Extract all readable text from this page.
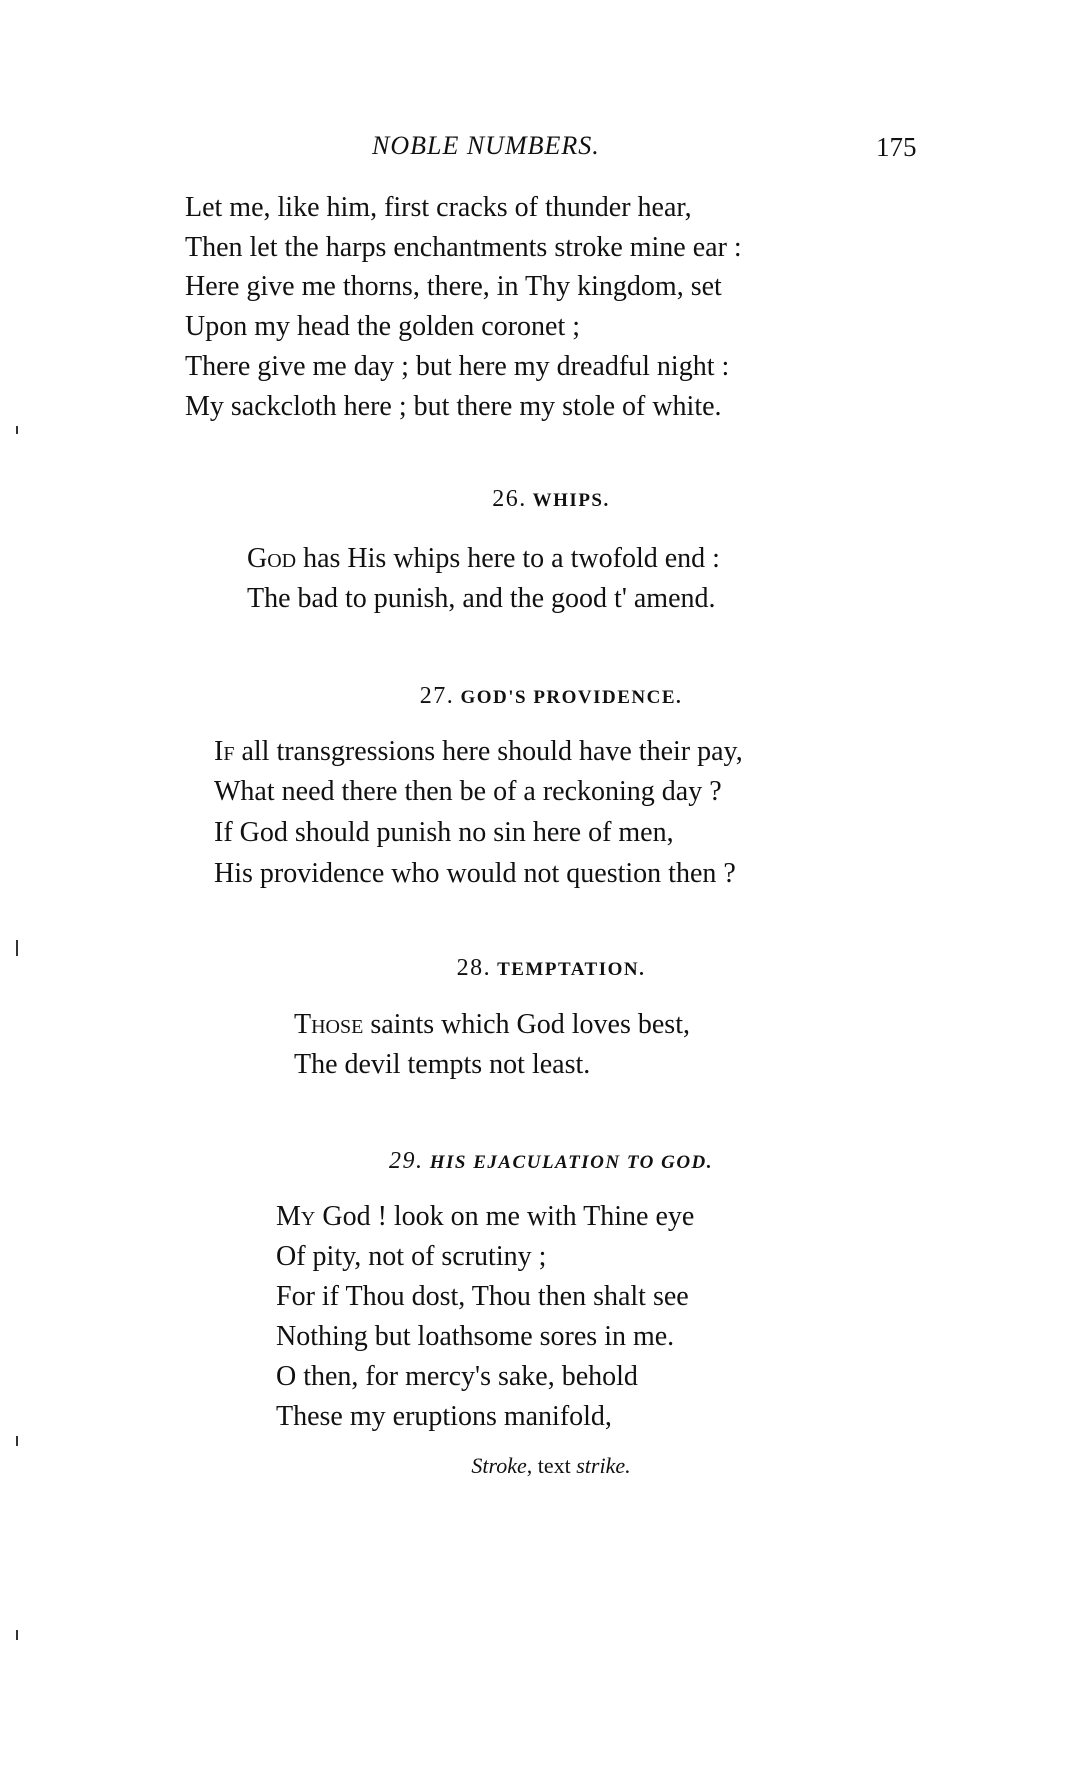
NOBLE NUMBERS.	175
Let me, like him, first cracks of thunder hear,
Then let the harps enchantments stroke mine ear :
Here give me thorns, there, in Thy kingdom, set
Upon my head the golden coronet ;
There give me day ; but here my dreadful night :
My sackcloth here ; but there my stole of white.
26. WHIPS.
God has His whips here to a twofold end :
The bad to punish, and the good t' amend.
27. GOD'S PROVIDENCE.
If all transgressions here should have their pay,
What need there then be of a reckoning day ?
If God should punish no sin here of men,
His providence who would not question then ?
28. TEMPTATION.
Those saints which God loves best,
The devil tempts not least.
29. HIS EJACULATION TO GOD.
My God ! look on me with Thine eye
Of pity, not of scrutiny ;
For if Thou dost, Thou then shalt see
Nothing but loathsome sores in me.
O then, for mercy's sake, behold
These my eruptions manifold,
Stroke, text strike.
